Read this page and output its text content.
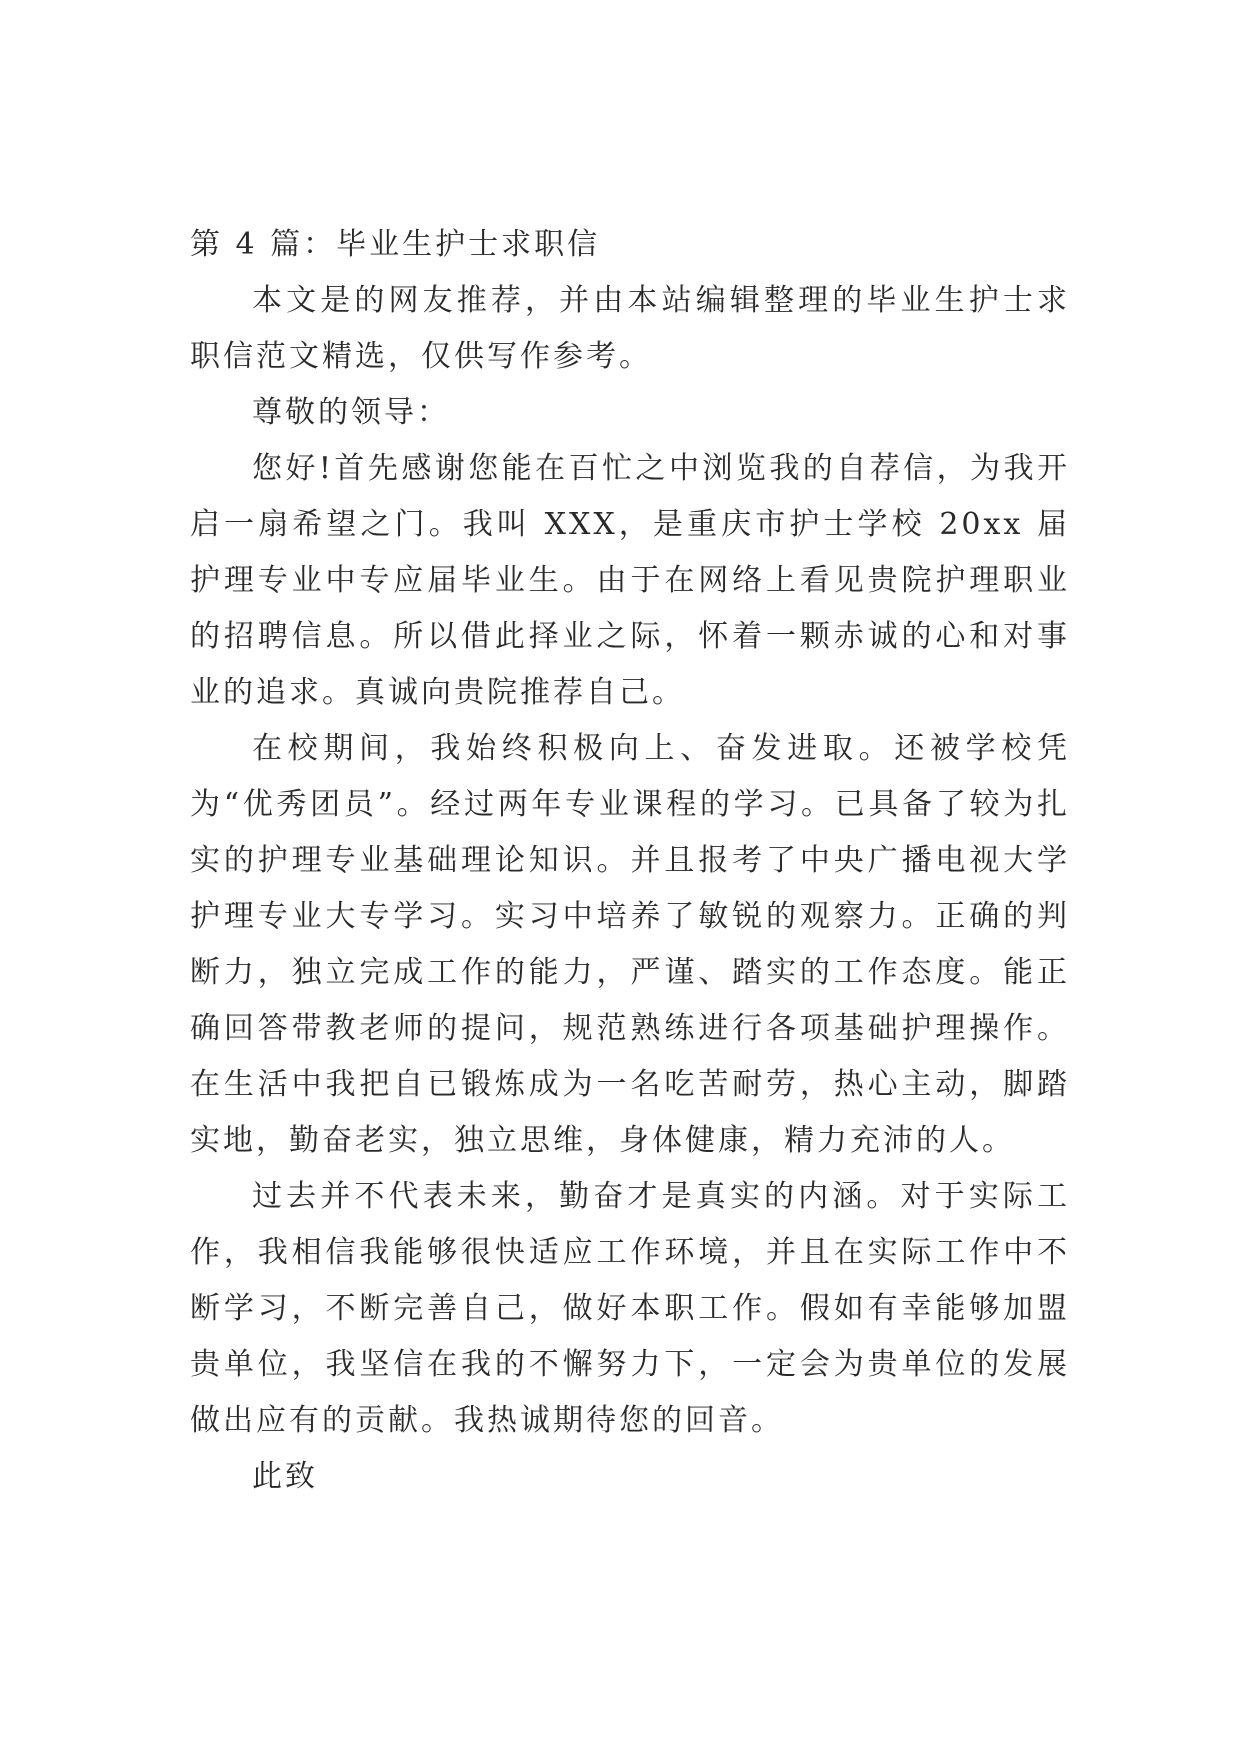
第 4 篇：毕业生护士求职信

本文是的网友推荐，并由本站编辑整理的毕业生护士求职信范文精选，仅供写作参考。

尊敬的领导：

您好!首先感谢您能在百忙之中浏览我的自荐信，为我开启一扇希望之门。我叫 XXX，是重庆市护士学校 20xx 届护理专业中专应届毕业生。由于在网络上看见贵院护理职业的招聘信息。所以借此择业之际，怀着一颗赤诚的心和对事业的追求。真诚向贵院推荐自己。

在校期间，我始终积极向上、奋发进取。还被学校凭为“优秀团员”。经过两年专业课程的学习。已具备了较为扎实的护理专业基础理论知识。并且报考了中央广播电视大学护理专业大专学习。实习中培养了敏锐的观察力。正确的判断力，独立完成工作的能力，严谨、踏实的工作态度。能正确回答带教老师的提问，规范熟练进行各项基础护理操作。在生活中我把自已锻炼成为一名吃苦耐劳，热心主动，脚踏实地，勤奋老实，独立思维，身体健康，精力充沛的人。

过去并不代表未来，勤奋才是真实的内涵。对于实际工作，我相信我能够很快适应工作环境，并且在实际工作中不断学习，不断完善自己，做好本职工作。假如有幸能够加盟贵单位，我坚信在我的不懈努力下，一定会为贵单位的发展做出应有的贡献。我热诚期待您的回音。

此致
